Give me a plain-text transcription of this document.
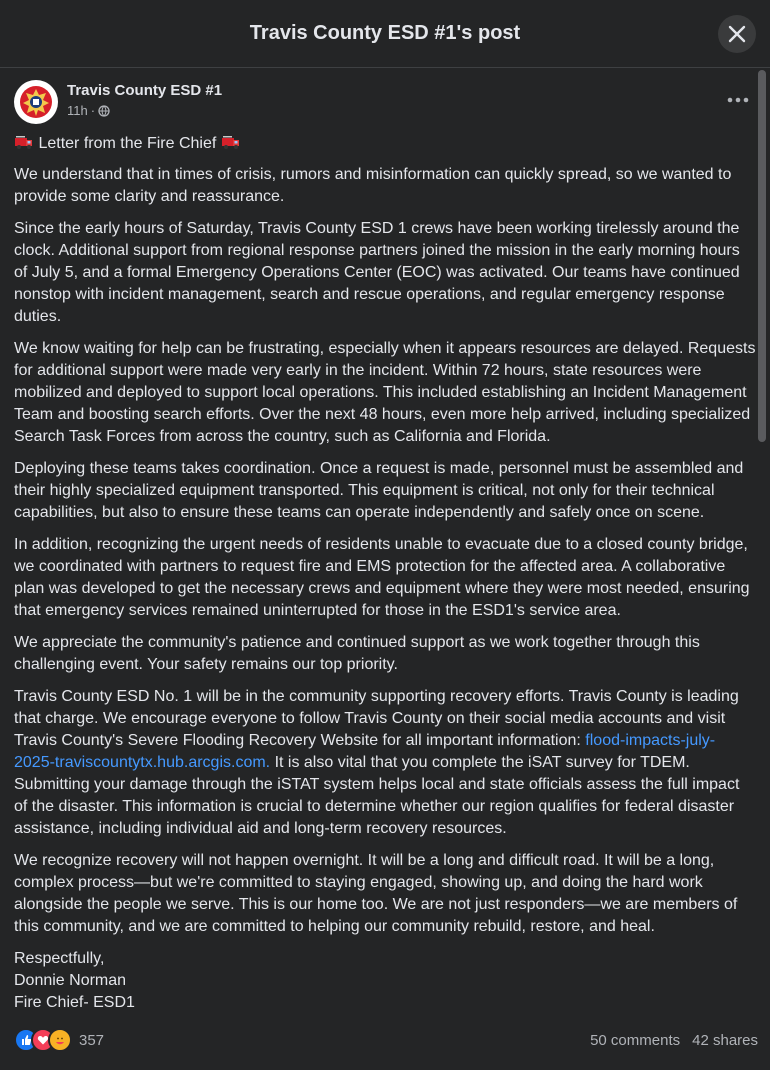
Travis County ESD #1's post
Travis County ESD #1
11h ·

Letter from the Fire Chief

We understand that in times of crisis, rumors and misinformation can quickly spread, so we wanted to provide some clarity and reassurance.

Since the early hours of Saturday, Travis County ESD 1 crews have been working tirelessly around the clock. Additional support from regional response partners joined the mission in the early morning hours of July 5, and a formal Emergency Operations Center (EOC) was activated. Our teams have continued nonstop with incident management, search and rescue operations, and regular emergency response duties.

We know waiting for help can be frustrating, especially when it appears resources are delayed. Requests for additional support were made very early in the incident. Within 72 hours, state resources were mobilized and deployed to support local operations. This included establishing an Incident Management Team and boosting search efforts. Over the next 48 hours, even more help arrived, including specialized Search Task Forces from across the country, such as California and Florida.

Deploying these teams takes coordination. Once a request is made, personnel must be assembled and their highly specialized equipment transported. This equipment is critical, not only for their technical capabilities, but also to ensure these teams can operate independently and safely once on scene.

In addition, recognizing the urgent needs of residents unable to evacuate due to a closed county bridge, we coordinated with partners to request fire and EMS protection for the affected area. A collaborative plan was developed to get the necessary crews and equipment where they were most needed, ensuring that emergency services remained uninterrupted for those in the ESD1's service area.

We appreciate the community's patience and continued support as we work together through this challenging event. Your safety remains our top priority.

Travis County ESD No. 1 will be in the community supporting recovery efforts. Travis County is leading that charge. We encourage everyone to follow Travis County on their social media accounts and visit Travis County's Severe Flooding Recovery Website for all important information: flood-impacts-july-2025-traviscountytx.hub.arcgis.com. It is also vital that you complete the iSAT survey for TDEM. Submitting your damage through the iSTAT system helps local and state officials assess the full impact of the disaster. This information is crucial to determine whether our region qualifies for federal disaster assistance, including individual aid and long-term recovery resources.

We recognize recovery will not happen overnight. It will be a long and difficult road. It will be a long, complex process—but we're committed to staying engaged, showing up, and doing the hard work alongside the people we serve. This is our home too. We are not just responders—we are members of this community, and we are committed to helping our community rebuild, restore, and heal.

Respectfully,
Donnie Norman
Fire Chief- ESD1

357	50 comments 42 shares
